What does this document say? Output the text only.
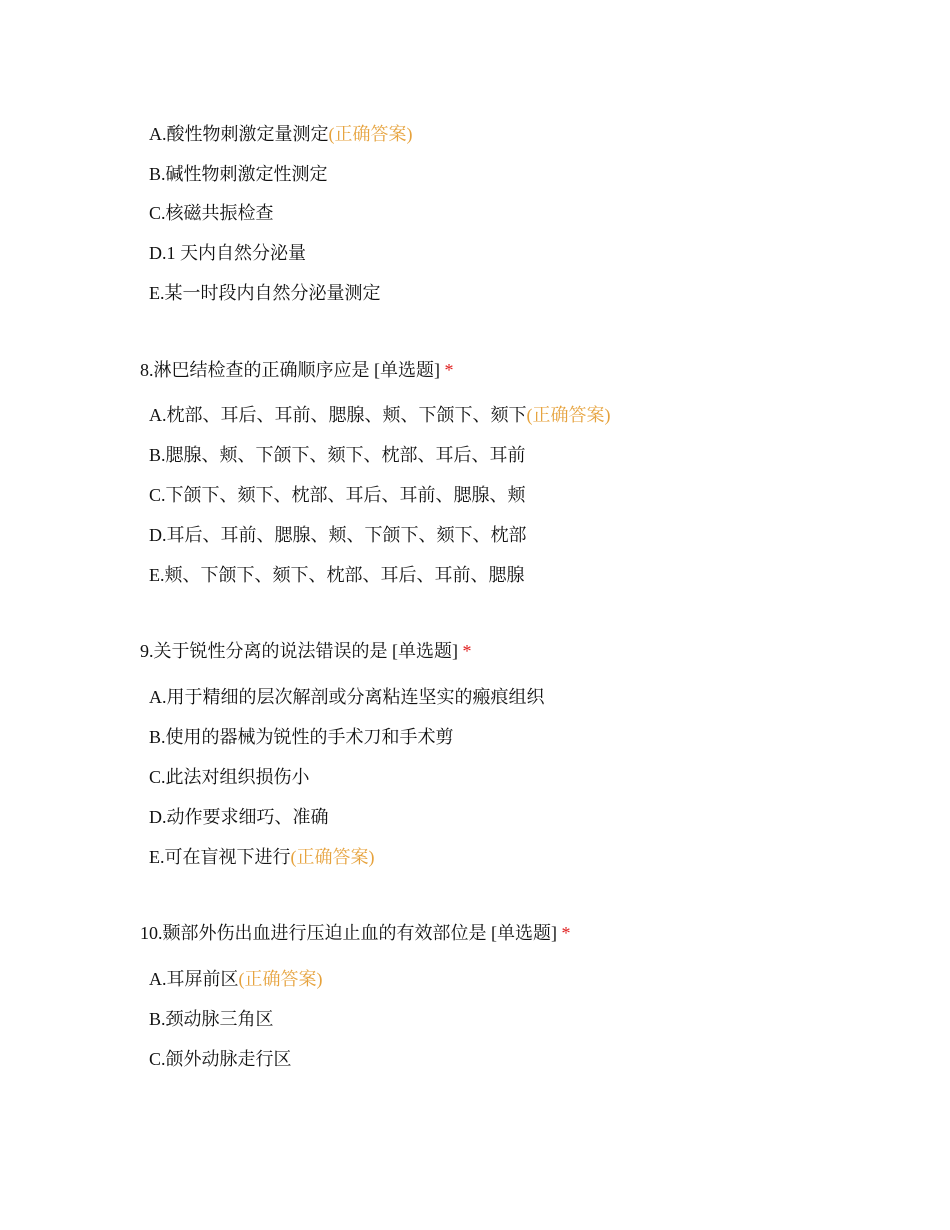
A.酸性物刺激定量测定(正确答案)
B.碱性物刺激定性测定
C.核磁共振检查
D.1 天内自然分泌量
E.某一时段内自然分泌量测定
8.淋巴结检查的正确顺序应是 [单选题] *
A.枕部、耳后、耳前、腮腺、颊、下颌下、颏下(正确答案)
B.腮腺、颊、下颌下、颏下、枕部、耳后、耳前
C.下颌下、颏下、枕部、耳后、耳前、腮腺、颊
D.耳后、耳前、腮腺、颊、下颌下、颏下、枕部
E.颊、下颌下、颏下、枕部、耳后、耳前、腮腺
9.关于锐性分离的说法错误的是 [单选题] *
A.用于精细的层次解剖或分离粘连坚实的瘢痕组织
B.使用的器械为锐性的手术刀和手术剪
C.此法对组织损伤小
D.动作要求细巧、准确
E.可在盲视下进行(正确答案)
10.颞部外伤出血进行压迫止血的有效部位是 [单选题] *
A.耳屏前区(正确答案)
B.颈动脉三角区
C.颌外动脉走行区
